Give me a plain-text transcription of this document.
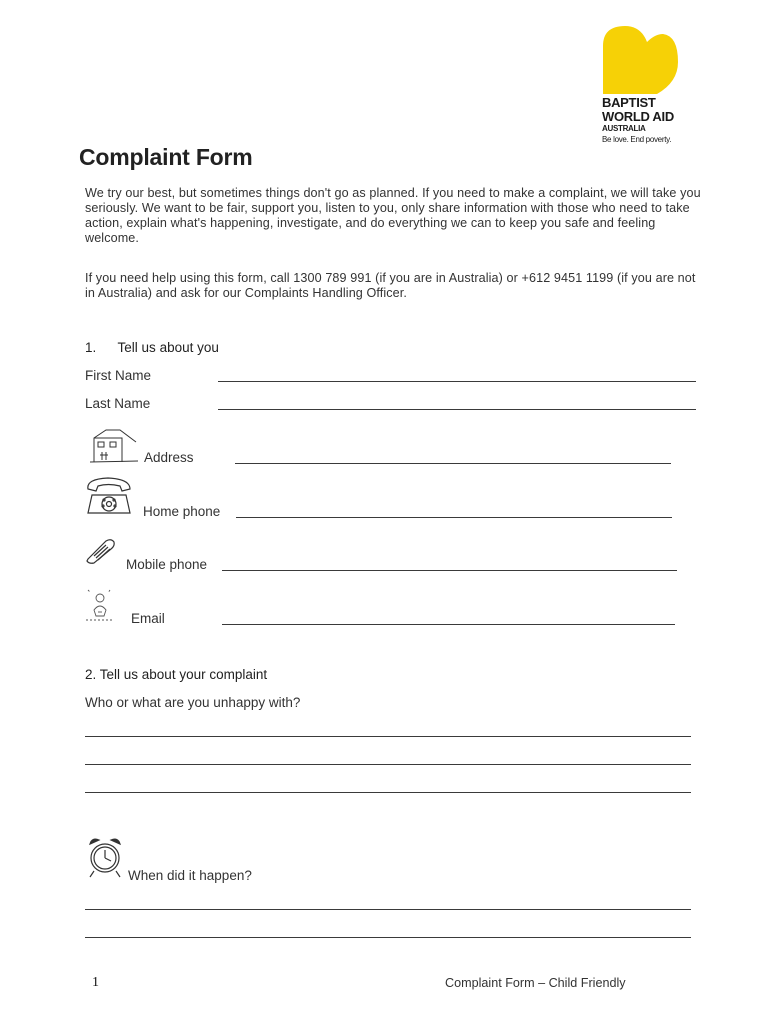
BAPTIST
WORLD AID
AUSTRALIA
Be love. End poverty.
Complaint Form
We try our best, but sometimes things don't go as planned. If you need to make a complaint, we will take you seriously. We want to be fair, support you, listen to you, only share information with those who need to take action, explain what's happening, investigate, and do everything we can to keep you safe and feeling welcome.
If you need help using this form, call 1300 789 991 (if you are in Australia) or +612 9451 1199 (if you are not in Australia) and ask for our Complaints Handling Officer.
1. Tell us about you
First Name
Last Name
Address
Home phone
Mobile phone
Email
2. Tell us about your complaint
Who or what are you unhappy with?
When did it happen?
1	Complaint Form – Child Friendly
